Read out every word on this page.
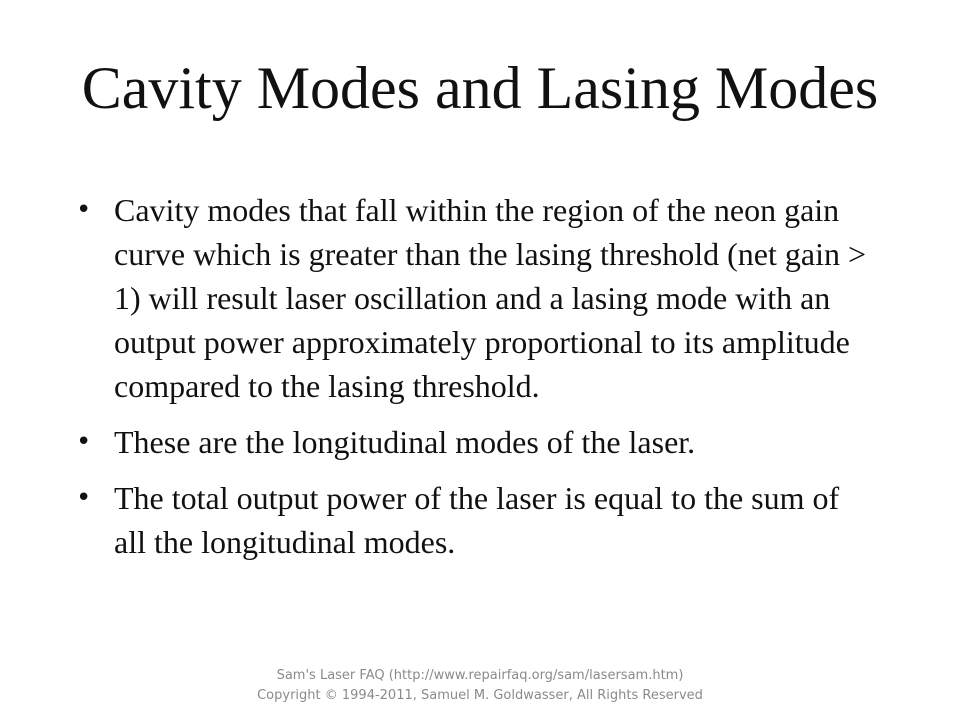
Cavity Modes and Lasing Modes
• Cavity modes that fall within the region of the neon gain curve which is greater than the lasing threshold (net gain > 1) will result laser oscillation and a lasing mode with an output power approximately proportional to its amplitude compared to the lasing threshold.
• These are the longitudinal modes of the laser.
• The total output power of the laser is equal to the sum of all the longitudinal modes.
Sam's Laser FAQ (http://www.repairfaq.org/sam/lasersam.htm)
Copyright © 1994-2011, Samuel M. Goldwasser, All Rights Reserved
